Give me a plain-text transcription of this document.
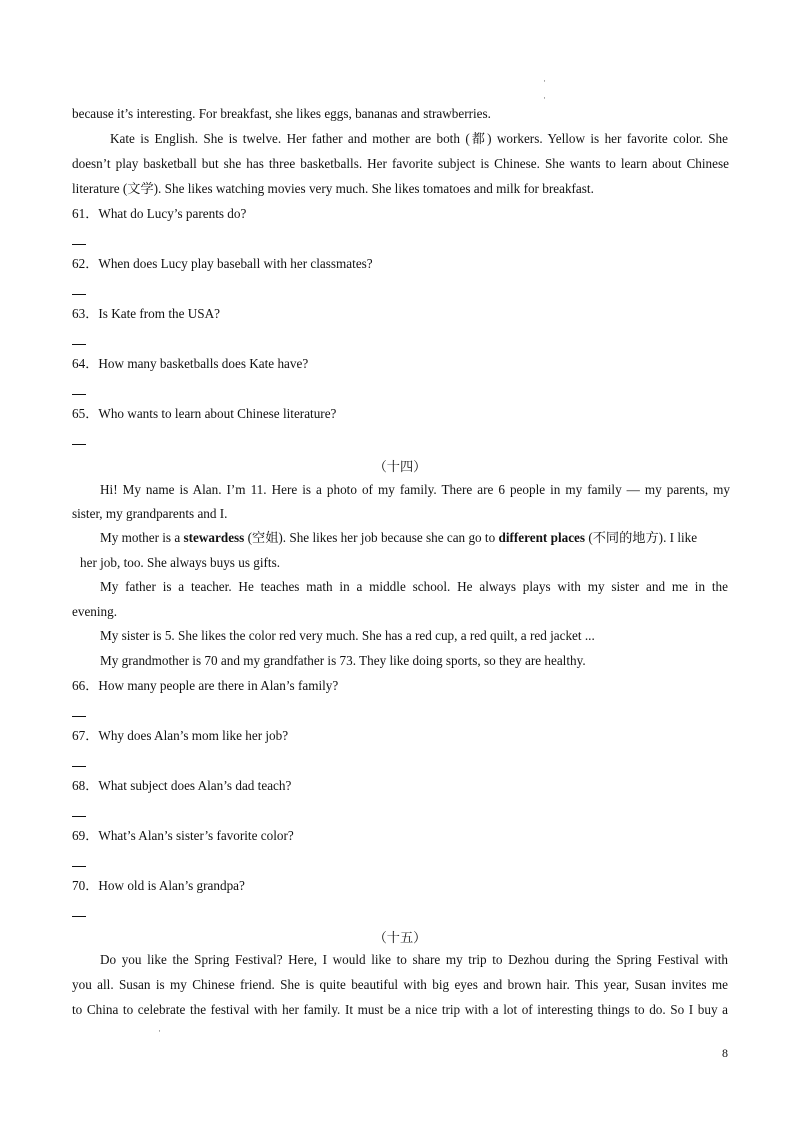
·
·
because it’s interesting. For breakfast, she likes eggs, bananas and strawberries.
Kate is English. She is twelve. Her father and mother are both (都) workers. Yellow is her favorite color. She
doesn’t play basketball but she has three basketballs. Her favorite subject is Chinese. She wants to learn about Chinese
literature (文学). She likes watching movies very much. She likes tomatoes and milk for breakfast.
61．What do Lucy’s parents do?
62．When does Lucy play baseball with her classmates?
63．Is Kate from the USA?
64．How many basketballs does Kate have?
65．Who wants to learn about Chinese literature?
（十四）
Hi! My name is Alan. I’m 11. Here is a photo of my family. There are 6 people in my family — my parents, my
sister, my grandparents and I.
My mother is a stewardess (空姐). She likes her job because she can go to different places (不同的地方). I like
her job, too. She always buys us gifts.
My father is a teacher. He teaches math in a middle school. He always plays with my sister and me in the
evening.
My sister is 5. She likes the color red very much. She has a red cup, a red quilt, a red jacket ...
My grandmother is 70 and my grandfather is 73. They like doing sports, so they are healthy.
66．How many people are there in Alan’s family?
67．Why does Alan’s mom like her job?
68．What subject does Alan’s dad teach?
69．What’s Alan’s sister’s favorite color?
70．How old is Alan’s grandpa?
（十五）
Do you like the Spring Festival? Here, I would like to share my trip to Dezhou during the Spring Festival with
you all. Susan is my Chinese friend. She is quite beautiful with big eyes and brown hair. This year, Susan invites me
to China to celebrate the festival with her family. It must be a nice trip with a lot of interesting things to do. So I buy a
·
8
